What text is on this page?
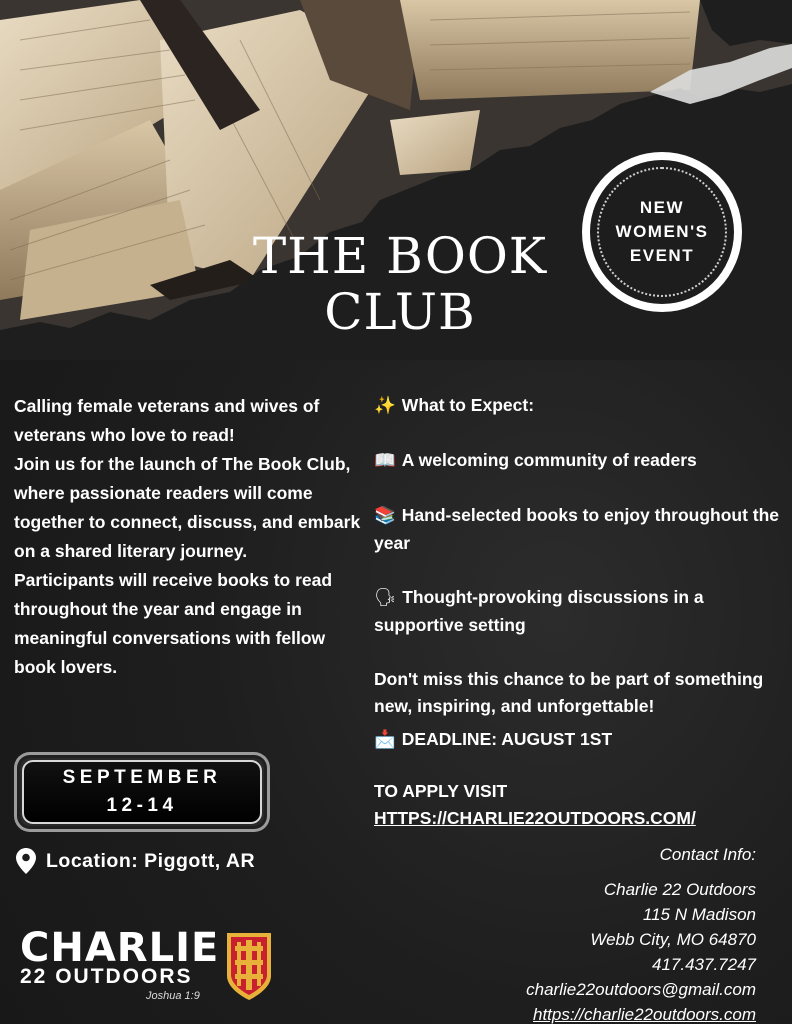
THE BOOK
CLUB
NEW
WOMEN'S
EVENT

Calling female veterans and wives of veterans who love to read!

Join us for the launch of The Book Club, where passionate readers will come together to connect, discuss, and embark on a shared literary journey.

Participants will receive books to read throughout the year and engage in meaningful conversations with fellow book lovers.

SEPTEMBER
12-14
Location: Piggott, AR
CHARLIE
22 OUTDOORS
Joshua 1:9

✨ What to Expect:

📖 A welcoming community of readers

📚 Hand-selected books to enjoy throughout the year

🗣 Thought-provoking discussions in a supportive setting

Don't miss this chance to be part of something new, inspiring, and unforgettable!

📩 DEADLINE: AUGUST 1ST

TO APPLY VISIT
HTTPS://CHARLIE22OUTDOORS.COM/
Contact Info:
Charlie 22 Outdoors
115 N Madison
Webb City, MO 64870
417.437.7247
charlie22outdoors@gmail.com
https://charlie22outdoors.com
